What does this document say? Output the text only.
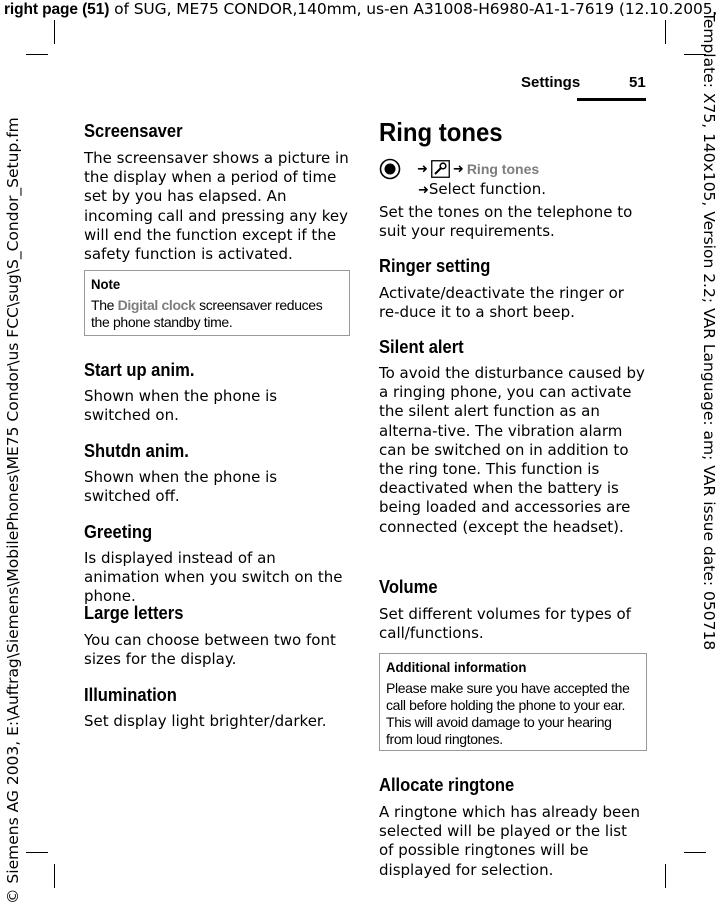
right page (51) of SUG, ME75 CONDOR,140mm, us-en A31008-H6980-A1-1-7619 (12.10.2005,
Template: X75, 140x105, Version 2.2; VAR Language: am; VAR issue date: 050718
© Siemens AG 2003, E:\Auftrag\Siemens\MobilePhones\ME75 Condor\us FCC\sug\S_Condor_Setup.fm
Settings	51
Screensaver

The screensaver shows a picture in the display when a period of time set by you has elapsed. An incoming call and pressing any key will end the function except if the safety function is activated.

Note

The Digital clock screensaver reduces the phone standby time.

Start up anim.

Shown when the phone is switched on.

Shutdn anim.

Shown when the phone is switched off.

Greeting

Is displayed instead of an animation when you switch on the phone.

Large letters

You can choose between two font sizes for the display.

Illumination

Set display light brighter/darker.

Ring tones
➜ ➜ Ring tones
➜Select function.

Set the tones on the telephone to suit your requirements.

Ringer setting

Activate/deactivate the ringer or re-duce it to a short beep.

Silent alert

To avoid the disturbance caused by a ringing phone, you can activate the silent alert function as an alterna-tive. The vibration alarm can be switched on in addition to the ring tone. This function is deactivated when the battery is being loaded and accessories are connected (except the headset).

Volume

Set different volumes for types of call/functions.

Additional information

Please make sure you have accepted the call before holding the phone to your ear. This will avoid damage to your hearing from loud ringtones.

Allocate ringtone

A ringtone which has already been selected will be played or the list of possible ringtones will be displayed for selection.
